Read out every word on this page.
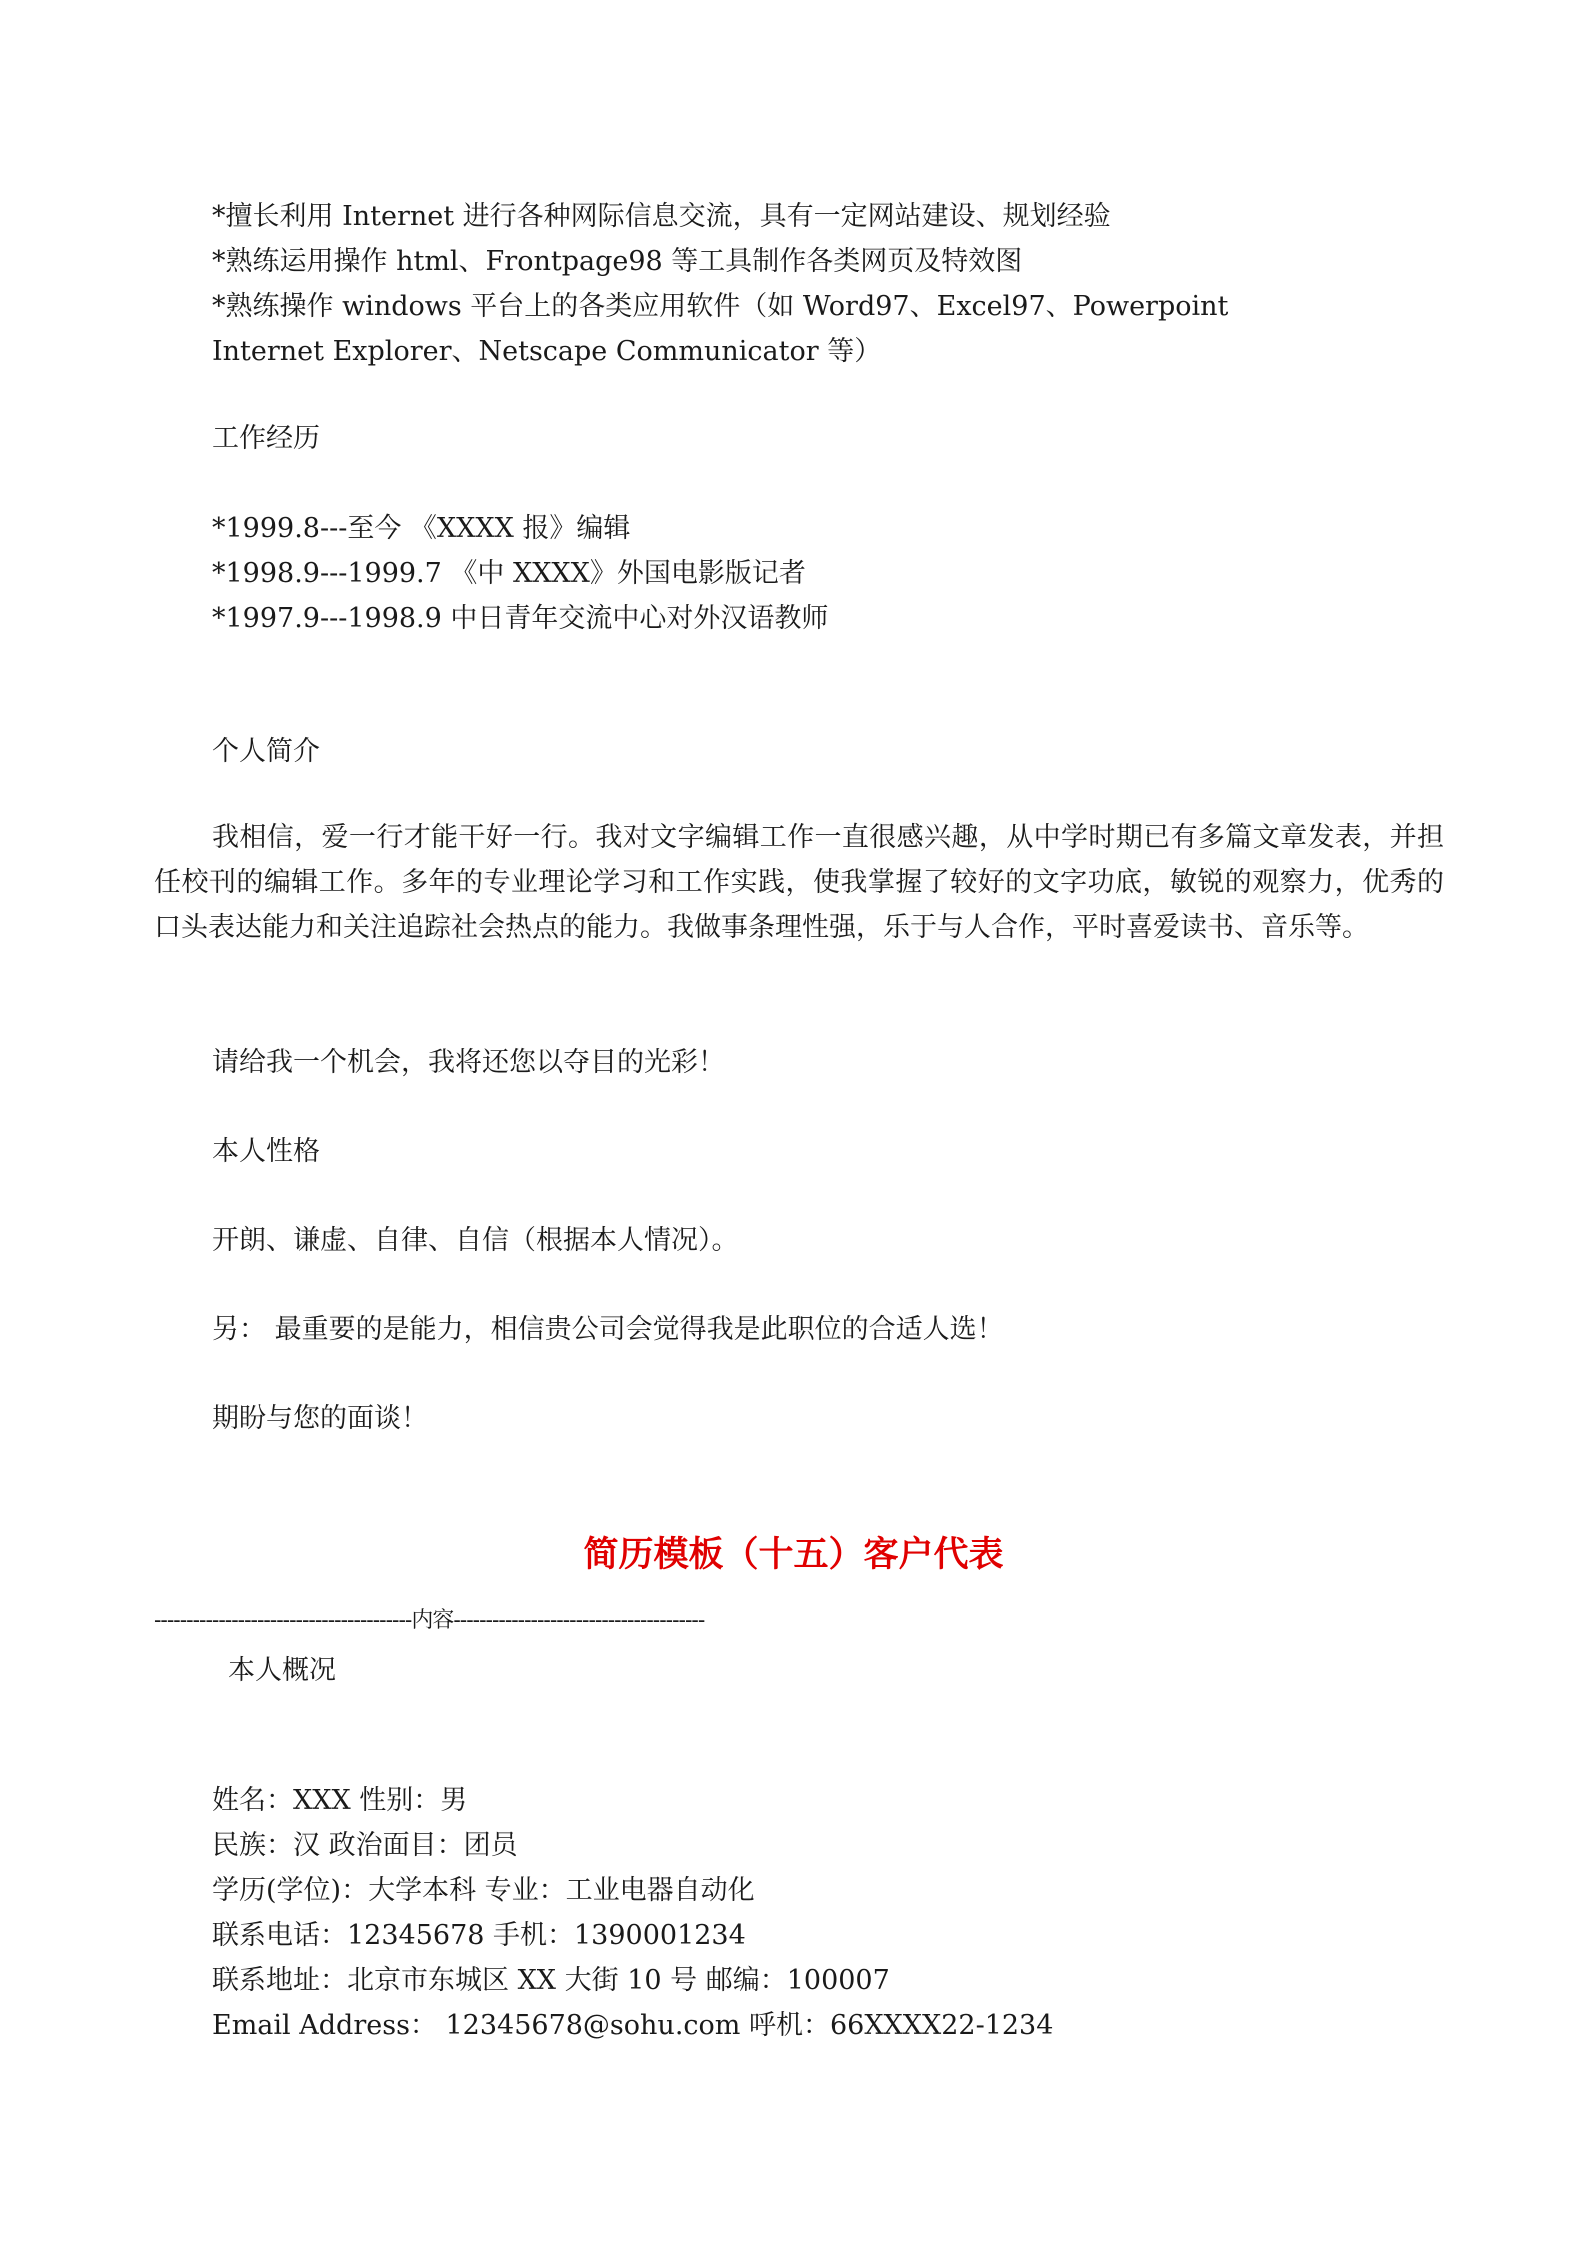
*擅长利用 Internet 进行各种网际信息交流，具有一定网站建设、规划经验
*熟练运用操作 html、Frontpage98 等工具制作各类网页及特效图
*熟练操作 windows 平台上的各类应用软件（如 Word97、Excel97、Powerpoint
Internet Explorer、Netscape Communicator 等）
工作经历
*1999.8---至今 《XXXX 报》编辑
*1998.9---1999.7 《中 XXXX》外国电影版记者
*1997.9---1998.9 中日青年交流中心对外汉语教师
个人简介
我相信，爱一行才能干好一行。我对文字编辑工作一直很感兴趣，从中学时期已有多篇文章发表，并担任校刊的编辑工作。多年的专业理论学习和工作实践，使我掌握了较好的文字功底，敏锐的观察力，优秀的口头表达能力和关注追踪社会热点的能力。我做事条理性强，乐于与人合作，平时喜爱读书、音乐等。
请给我一个机会，我将还您以夺目的光彩！
本人性格
开朗、谦虚、自律、自信（根据本人情况）。
另： 最重要的是能力，相信贵公司会觉得我是此职位的合适人选！
期盼与您的面谈！
简历模板（十五）客户代表
----------------------------------------内容---------------------------------------
本人概况
姓名：XXX 性别：男
民族：汉 政治面目：团员
学历(学位)：大学本科 专业：工业电器自动化
联系电话：12345678 手机：1390001234
联系地址：北京市东城区 XX 大街 10 号 邮编：100007
Email Address： 12345678@sohu.com 呼机：66XXXX22-1234
